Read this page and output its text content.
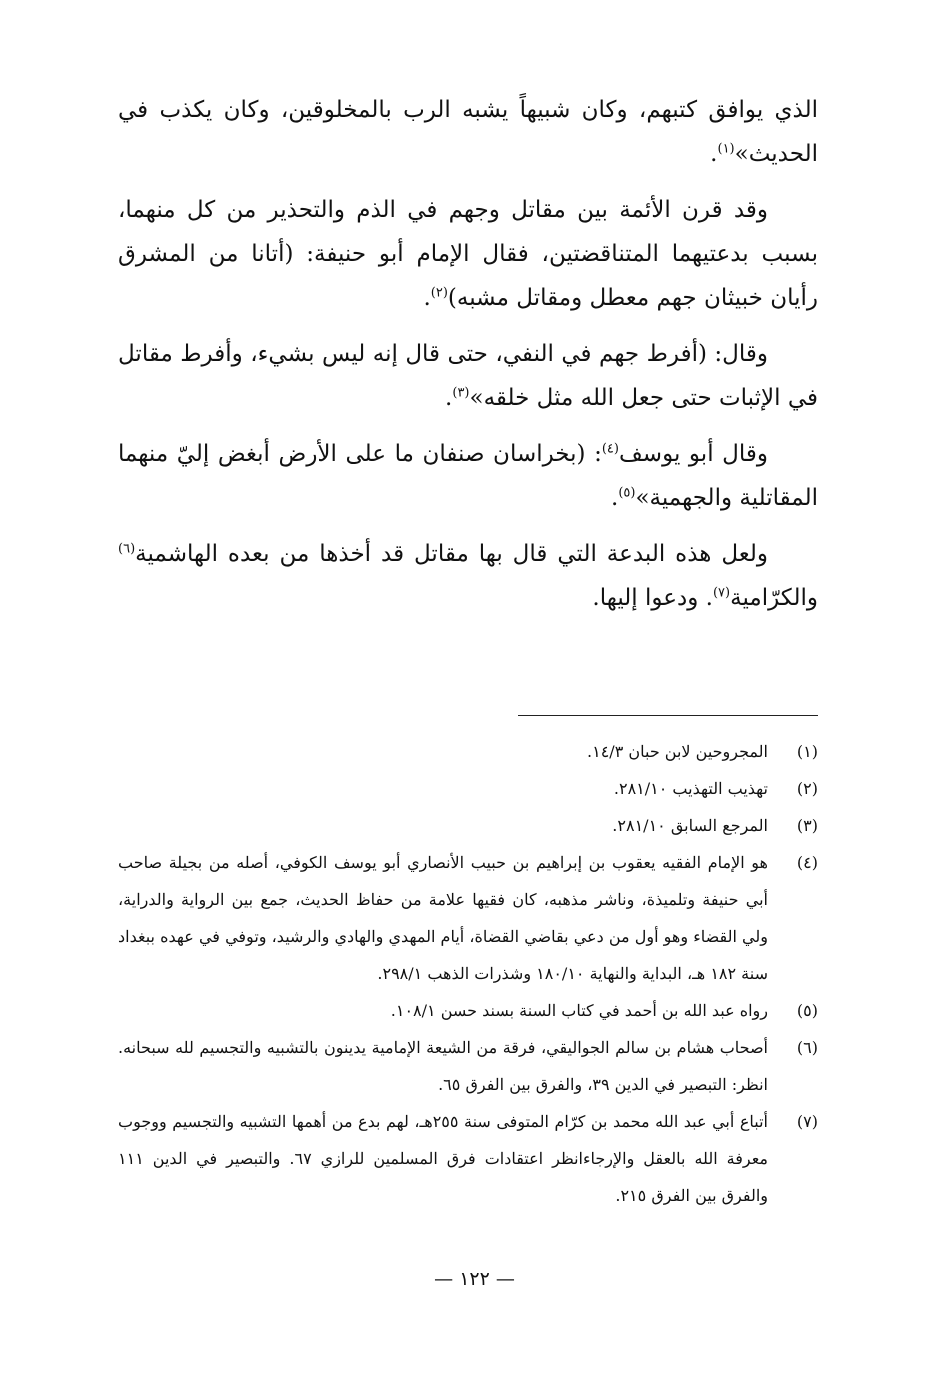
الذي يوافق كتبهم، وكان شبيهاً يشبه الرب بالمخلوقين، وكان يكذب في الحديث»$^{(١)}$.

وقد قرن الأئمة بين مقاتل وجهم في الذم والتحذير من كل منهما، بسبب بدعتيهما المتناقضتين، فقال الإمام أبو حنيفة: (أتانا من المشرق رأيان خبيثان جهم معطل ومقاتل مشبه)$^{(٢)}$.

وقال: (أفرط جهم في النفي، حتى قال إنه ليس بشيء، وأفرط مقاتل في الإثبات حتى جعل الله مثل خلقه»$^{(٣)}$.

وقال أبو يوسف$^{(٤)}$: (بخراسان صنفان ما على الأرض أبغض إليّ منهما المقاتلية والجهمية»$^{(٥)}$.

ولعل هذه البدعة التي قال بها مقاتل قد أخذها من بعده الهاشمية$^{(٦)}$ والكرّامية$^{(٧)}$. ودعوا إليها.

(١)
المجروحين لابن حبان ١٤/٣.
(٢)
تهذيب التهذيب ٢٨١/١٠.
(٣)
المرجع السابق ٢٨١/١٠.
(٤)
هو الإمام الفقيه يعقوب بن إبراهيم بن حبيب الأنصاري أبو يوسف الكوفي، أصله من بجيلة صاحب أبي حنيفة وتلميذة، وناشر مذهبه، كان فقيها علامة من حفاظ الحديث، جمع بين الرواية والدراية، ولي القضاء وهو أول من دعي بقاضي القضاة، أيام المهدي والهادي والرشيد، وتوفي في عهده ببغداد سنة ١٨٢ هـ، البداية والنهاية ١٨٠/١٠ وشذرات الذهب ٢٩٨/١.
(٥)
رواه عبد الله بن أحمد في كتاب السنة بسند حسن ١٠٨/١.
(٦)
أصحاب هشام بن سالم الجواليقي، فرقة من الشيعة الإمامية يدينون بالتشبيه والتجسيم لله سبحانه. انظر: التبصير في الدين ٣٩، والفرق بين الفرق ٦٥.
(٧)
أتباع أبي عبد الله محمد بن كرّام المتوفى سنة ٢٥٥هـ، لهم بدع من أهمها التشبيه والتجسيم ووجوب معرفة الله بالعقل والإرجاءانظر اعتقادات فرق المسلمين للرازي ٦٧. والتبصير في الدين ١١١ والفرق بين الفرق ٢١٥.
— ١٢٢ —
